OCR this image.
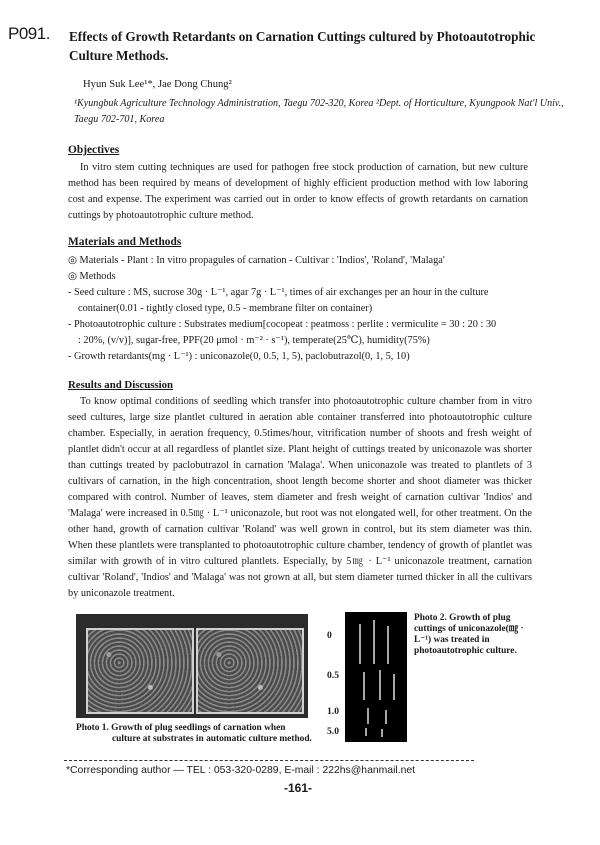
P091. Effects of Growth Retardants on Carnation Cuttings cultured by Photoautotrophic Culture Methods.
Hyun Suk Lee¹*, Jae Dong Chung²
¹Kyungbuk Agriculture Technology Administration, Taegu 702-320, Korea ²Dept. of Horticulture, Kyungpook Nat'l Univ., Taegu 702-701, Korea
Objectives
In vitro stem cutting techniques are used for pathogen free stock production of carnation, but new culture method has been required by means of development of highly efficient production method with low laboring cost and expense. The experiment was carried out in order to know effects of growth retardants on carnation cuttings by photoautotrophic culture method.
Materials and Methods
◎ Materials - Plant : In vitro propagules of carnation - Cultivar : 'Indios', 'Roland', 'Malaga'
◎ Methods
- Seed culture : MS, sucrose 30g · L⁻¹, agar 7g · L⁻¹, times of air exchanges per an hour in the culture
container(0.01 - tightly closed type, 0.5 - membrane filter on container)
- Photoautotrophic culture : Substrates medium[cocopeat : peatmoss : perlite : vermiculite = 30 : 20 : 30
: 20%, (v/v)], sugar-free, PPF(20 μmol · m⁻² · s⁻¹), temperate(25℃), humidity(75%)
- Growth retardants(mg · L⁻¹) : uniconazole(0, 0.5, 1, 5), paclobutrazol(0, 1, 5, 10)
Results and Discussion
To know optimal conditions of seedling which transfer into photoautotrophic culture chamber from in vitro seed cultures, large size plantlet cultured in aeration able container transferred into photoautotrophic culture chamber. Especially, in aeration frequency, 0.5times/hour, vitrification number of shoots and fresh weight of plantlet didn't occur at all regardless of plantlet size. Plant height of cuttings treated by uniconazole was shorter than cuttings treated by paclobutrazol in carnation 'Malaga'. When uniconazole was treated to plantlets of 3 cultivars of carnation, in the high concentration, shoot length become shorter and shoot diameter was thicker compared with control. Number of leaves, stem diameter and fresh weight of carnation cultivar 'Indios' and 'Malaga' were increased in 0.5㎎ · L⁻¹ uniconazole, but root was not elongated well, for other treatment. On the other hand, growth of carnation cultivar 'Roland' was well grown in control, but its stem diameter was thin. When these plantlets were transplanted to photoautotrophic culture chamber, tendency of growth of plantlet was similar with growth of in vitro cultured plantlets. Especially, by 5㎎ · L⁻¹ uniconazole treatment, carnation cultivar 'Roland', 'Indios' and 'Malaga' was not grown at all, but stem diameter turned thicker in all the cultivars by uniconazole treatment.
Photo 1. Growth of plug seedlings of carnation when
culture at substrates in automatic culture method.
0
0.5
1.0
5.0
Photo 2. Growth of plug cuttings of uniconazole(㎎ · L⁻¹) was treated in photoautotrophic culture.
*Corresponding author — TEL : 053-320-0289, E-mail : 222hs@hanmail.net
-161-
